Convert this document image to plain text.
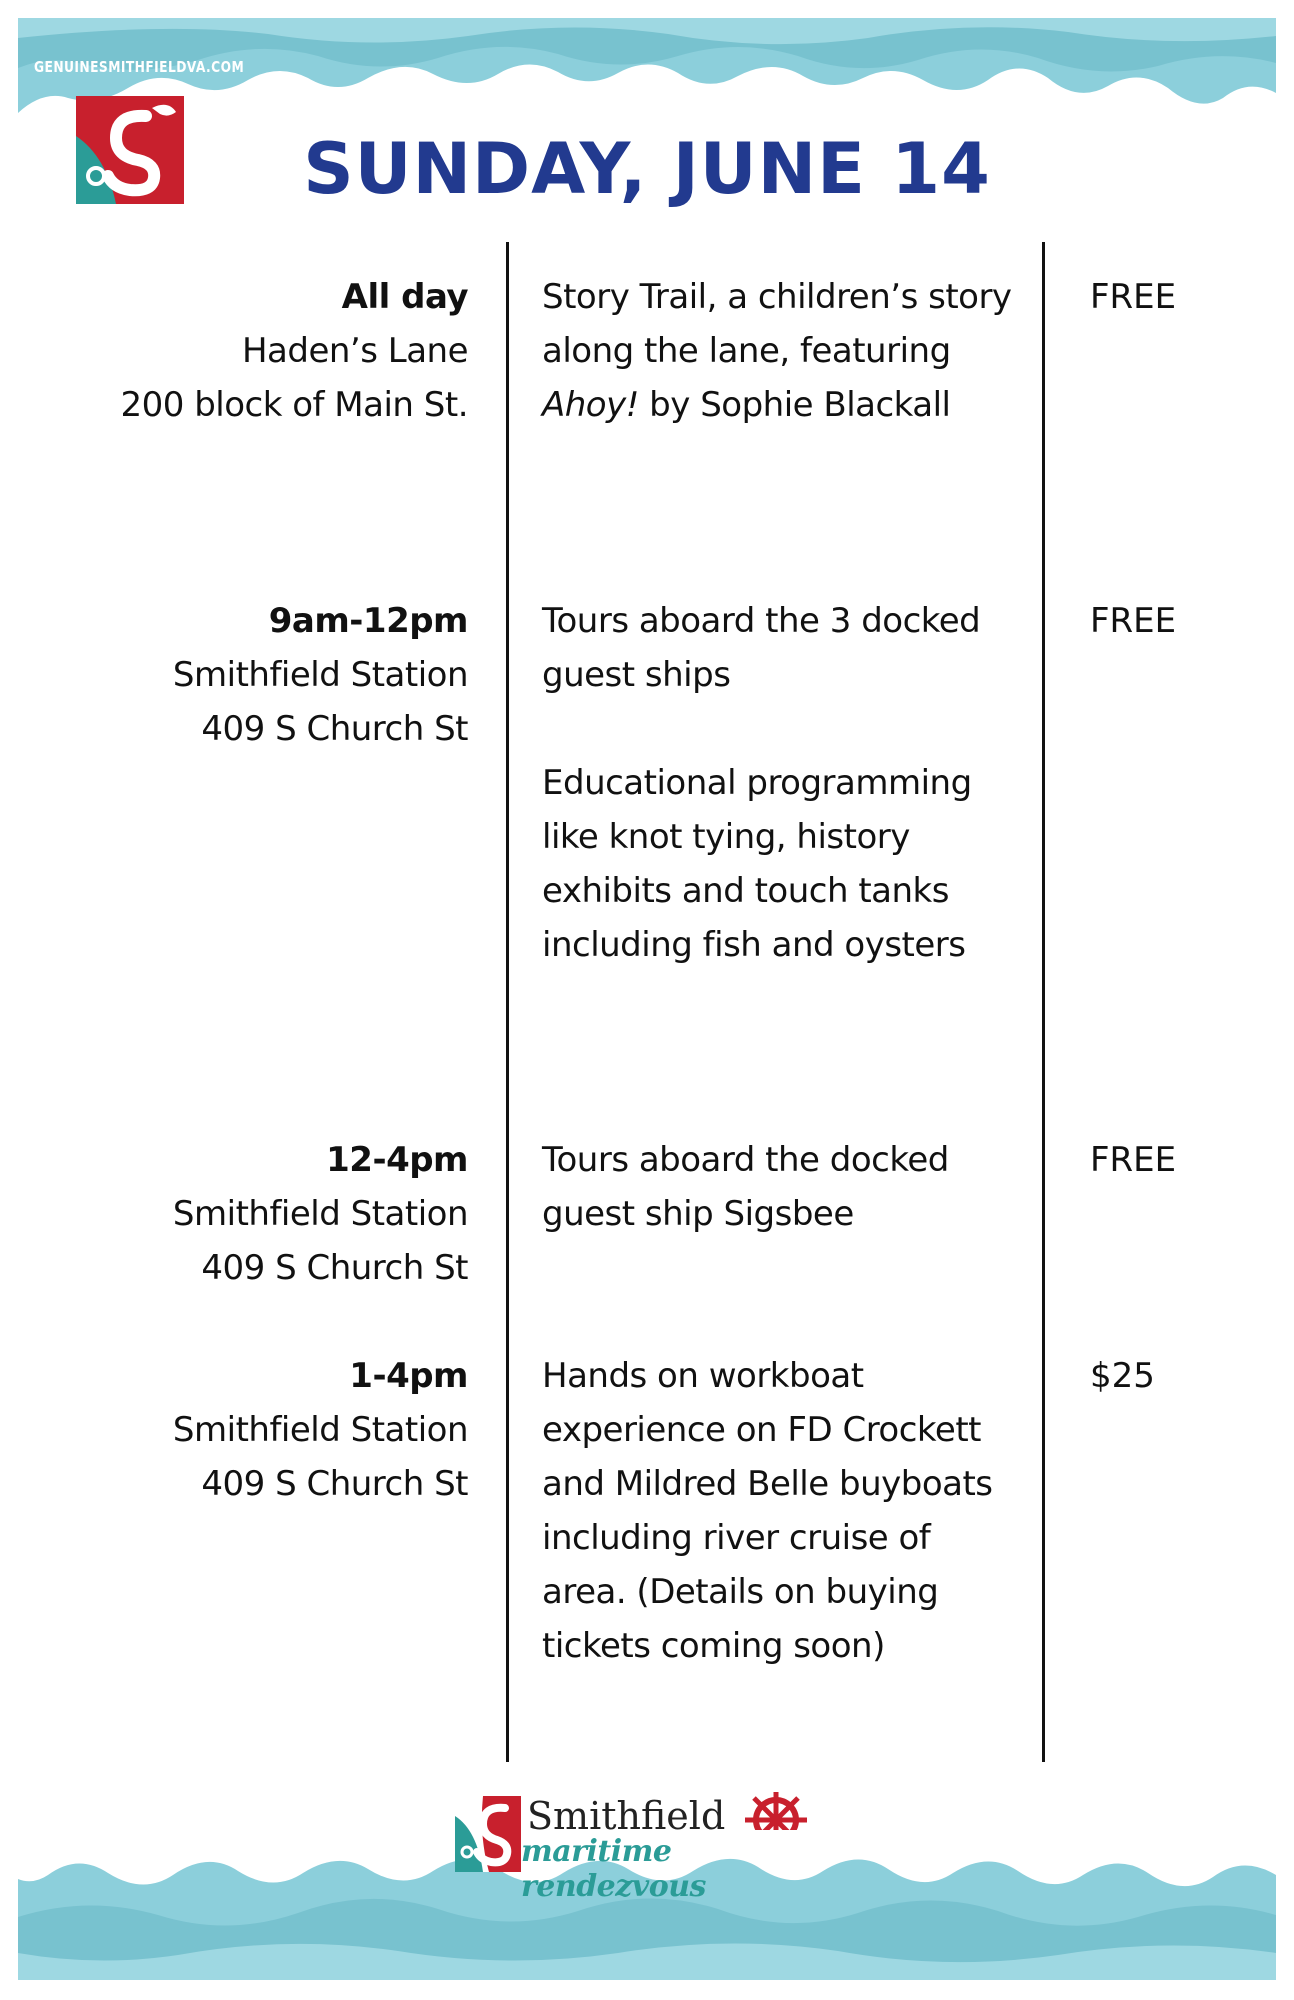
GENUINESMITHFIELDVA.COM
SUNDAY, JUNE 14
All day
Haden’s Lane
200 block of Main St.

Story Trail, a children’s story along the lane, featuring Ahoy! by Sophie Blackall

FREE
9am-12pm
Smithfield Station
409 S Church St

Tours aboard the 3 docked guest ships

Educational programming like knot tying, history exhibits and touch tanks including fish and oysters

FREE
12-4pm
Smithfield Station
409 S Church St

Tours aboard the docked guest ship Sigsbee

FREE
1-4pm
Smithfield Station
409 S Church St

Hands on workboat experience on FD Crockett and Mildred Belle buyboats including river cruise of area. (Details on buying tickets coming soon)

$25
Smithfield
maritime rendezvous
